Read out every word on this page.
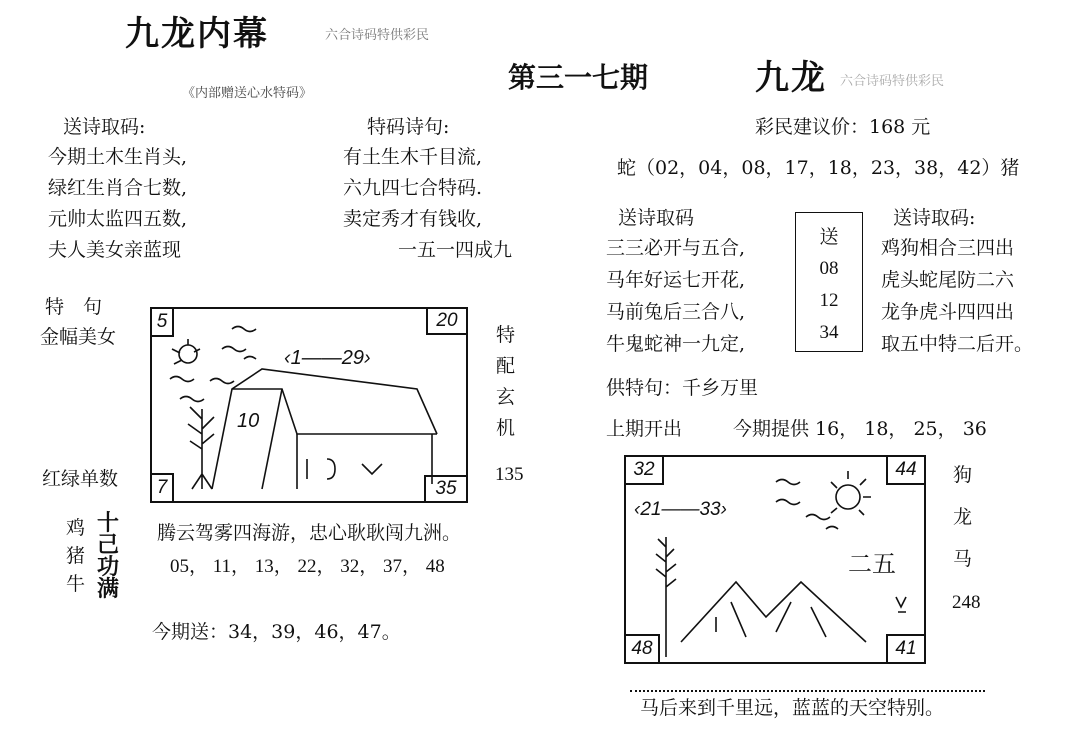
九龙内幕	六合诗码特供彩民
《内部赠送心水特码》	第三一七期	九龙 六合诗码特供彩民
彩民建议价：168 元
送诗取码:
今期土木生肖头,
绿红生肖合七数,
元帅太监四五数,
夫人美女亲蓝现
特码诗句:
有土生木千目流,
六九四七合特码.
卖定秀才有钱收,
一五一四成九
特　句
金幅美女
红绿单数
5	20
7	35
‹1——29›
10
特
配
玄
机
135
鸡
猪
牛
十
己
功
满
腾云驾雾四海游，忠心耿耿闯九洲。
05， 11， 13， 22， 32， 37， 48
今期送：34，39，46，47。
蛇（02，04，08，17，18，23，38，42）猪
送诗取码
三三必开与五合,
马年好运七开花,
马前兔后三合八,
牛鬼蛇神一九定,
送
08
12
34
送诗取码:
鸡狗相合三四出
虎头蛇尾防二六
龙争虎斗四四出
取五中特二后开。
供特句：千乡万里
上期开出	今期提供 16， 18， 25， 36
32	44
48	41
‹21——33›
二五
狗
龙
马
248
马后来到千里远，蓝蓝的天空特别。
